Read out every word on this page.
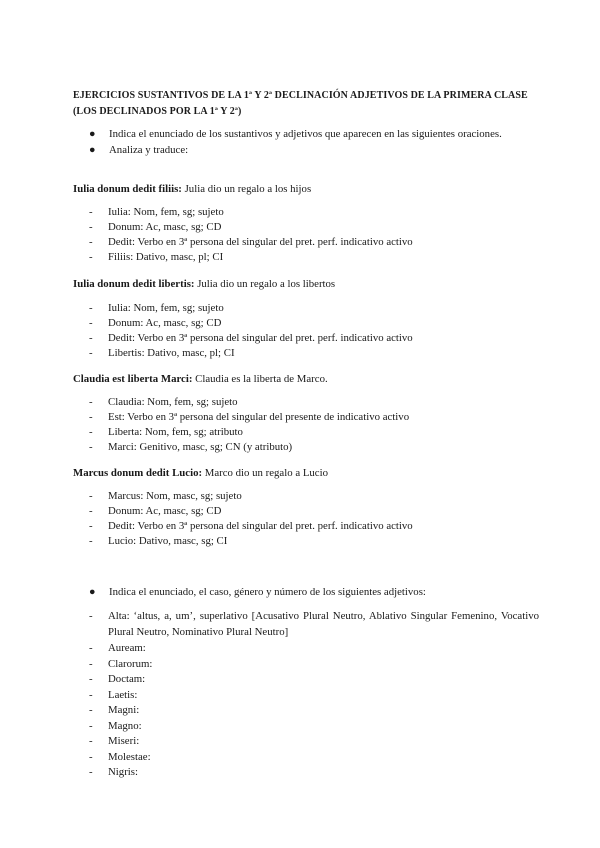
EJERCICIOS SUSTANTIVOS DE LA 1ª Y 2ª DECLINACIÓN ADJETIVOS DE LA PRIMERA CLASE (LOS DECLINADOS POR LA 1ª Y 2ª)
● Indica el enunciado de los sustantivos y adjetivos que aparecen en las siguientes oraciones.
● Analiza y traduce:
Iulia donum dedit filiis: Julia dio un regalo a los hijos
- Iulia: Nom, fem, sg; sujeto
- Donum: Ac, masc, sg; CD
- Dedit: Verbo en 3ª persona del singular del pret. perf. indicativo activo
- Filiis: Dativo, masc, pl; CI
Iulia donum dedit libertis: Julia dio un regalo a los libertos
- Iulia: Nom, fem, sg; sujeto
- Donum: Ac, masc, sg; CD
- Dedit: Verbo en 3ª persona del singular del pret. perf. indicativo activo
- Libertis: Dativo, masc, pl; CI
Claudia est liberta Marci: Claudia es la liberta de Marco.
- Claudia: Nom, fem, sg; sujeto
- Est: Verbo en 3ª persona del singular del presente de indicativo activo
- Liberta: Nom, fem, sg; atributo
- Marci: Genitivo, masc, sg; CN (y atributo)
Marcus donum dedit Lucio: Marco dio un regalo a Lucio
- Marcus: Nom, masc, sg; sujeto
- Donum: Ac, masc, sg; CD
- Dedit: Verbo en 3ª persona del singular del pret. perf. indicativo activo
- Lucio: Dativo, masc, sg; CI
● Indica el enunciado, el caso, género y número de los siguientes adjetivos:
- Alta: ‘altus, a, um’, superlativo [Acusativo Plural Neutro, Ablativo Singular Femenino, Vocativo Plural Neutro, Nominativo Plural Neutro]
- Auream:
- Clarorum:
- Doctam:
- Laetis:
- Magni:
- Magno:
- Miseri:
- Molestae:
- Nigris:
